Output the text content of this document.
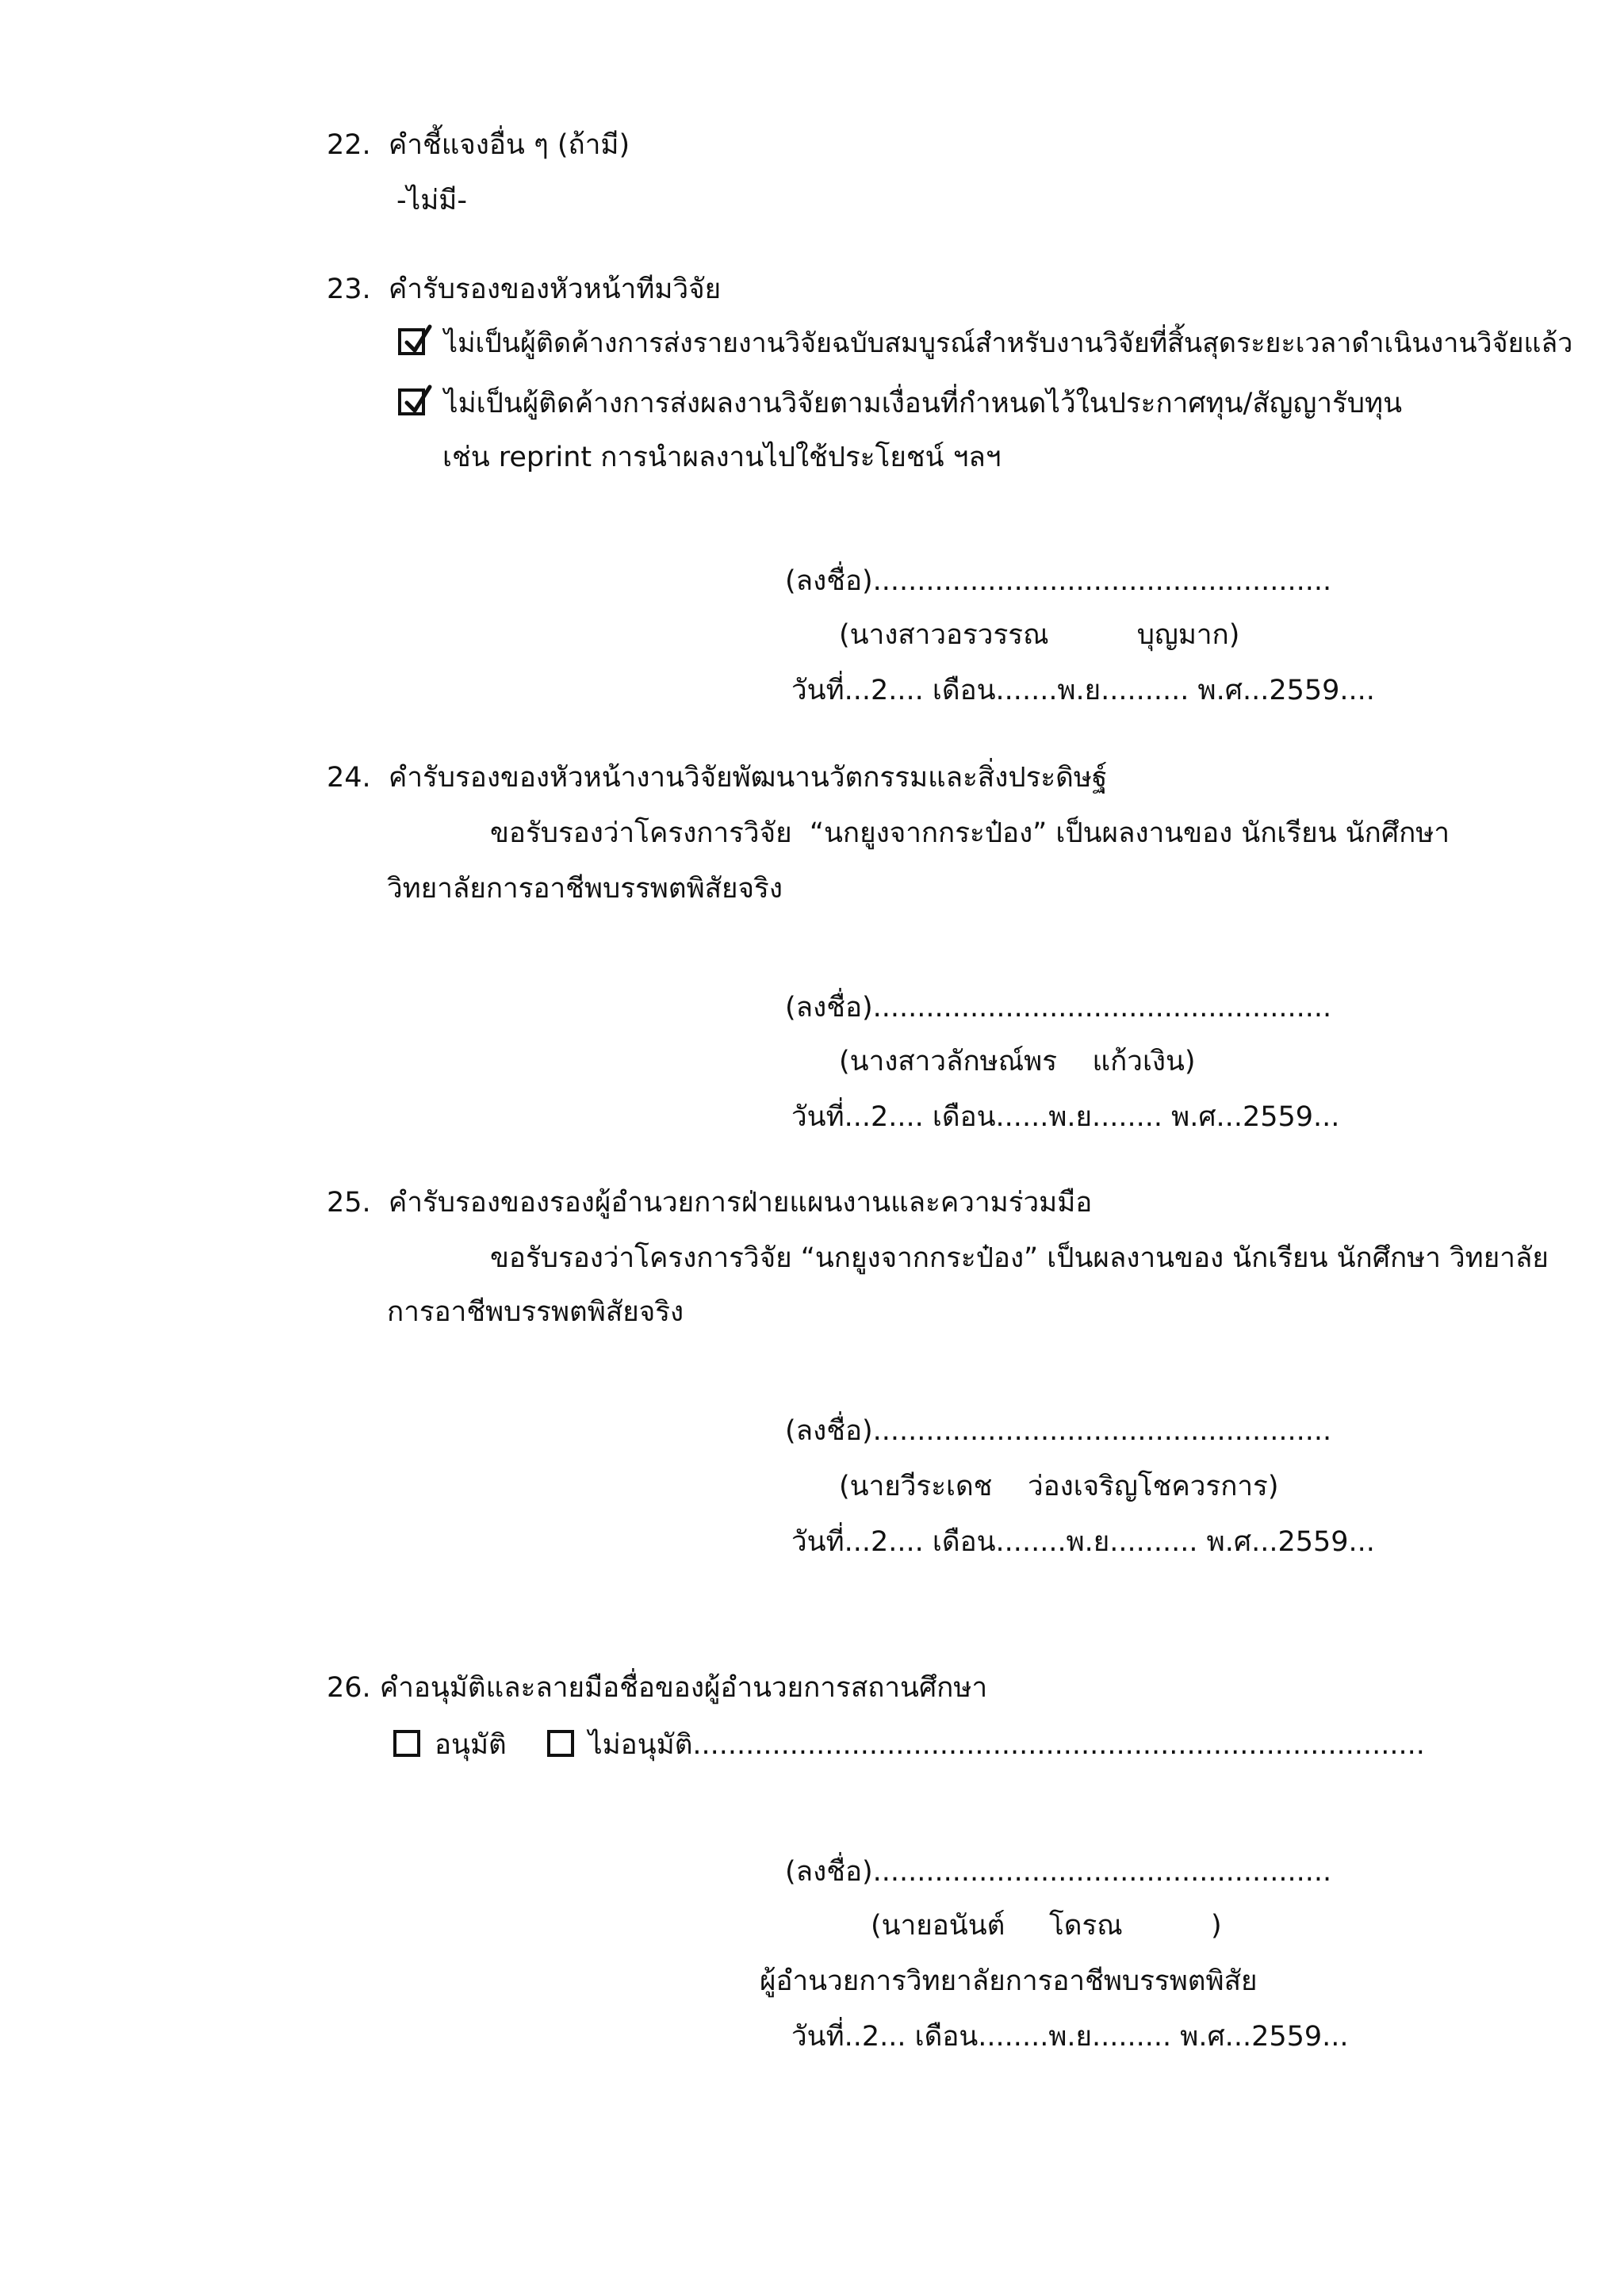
22.  คำชี้แจงอื่น ๆ (ถ้ามี)
-ไม่มี-
23.  คำรับรองของหัวหน้าทีมวิจัย
ไม่เป็นผู้ติดค้างการส่งรายงานวิจัยฉบับสมบูรณ์สำหรับงานวิจัยที่สิ้นสุดระยะเวลาดำเนินงานวิจัยแล้ว
ไม่เป็นผู้ติดค้างการส่งผลงานวิจัยตามเงื่อนที่กำหนดไว้ในประกาศทุน/สัญญารับทุน
เช่น reprint การนำผลงานไปใช้ประโยชน์ ฯลฯ
(ลงชื่อ)....................................................
(นางสาวอรวรรณ          บุญมาก)
วันที่...2.... เดือน.......พ.ย.......... พ.ศ...2559....
24.  คำรับรองของหัวหน้างานวิจัยพัฒนานวัตกรรมและสิ่งประดิษฐ์
ขอรับรองว่าโครงการวิจัย  “นกยูงจากกระป๋อง” เป็นผลงานของ นักเรียน นักศึกษา
วิทยาลัยการอาชีพบรรพตพิสัยจริง
(ลงชื่อ)....................................................
(นางสาวลักษณ์พร    แก้วเงิน)
วันที่...2.... เดือน......พ.ย........ พ.ศ...2559...
25.  คำรับรองของรองผู้อำนวยการฝ่ายแผนงานและความร่วมมือ
ขอรับรองว่าโครงการวิจัย “นกยูงจากกระป๋อง” เป็นผลงานของ นักเรียน นักศึกษา วิทยาลัย
การอาชีพบรรพตพิสัยจริง
(ลงชื่อ)....................................................
(นายวีระเดช    ว่องเจริญโชควรการ)
วันที่...2.... เดือน........พ.ย.......... พ.ศ...2559...
26. คำอนุมัติและลายมือชื่อของผู้อำนวยการสถานศึกษา
อนุมัติ	ไม่อนุมัติ...................................................................................
(ลงชื่อ)....................................................
(นายอนันต์     โดรณ          )
ผู้อำนวยการวิทยาลัยการอาชีพบรรพตพิสัย
วันที่..2... เดือน........พ.ย......... พ.ศ...2559...
